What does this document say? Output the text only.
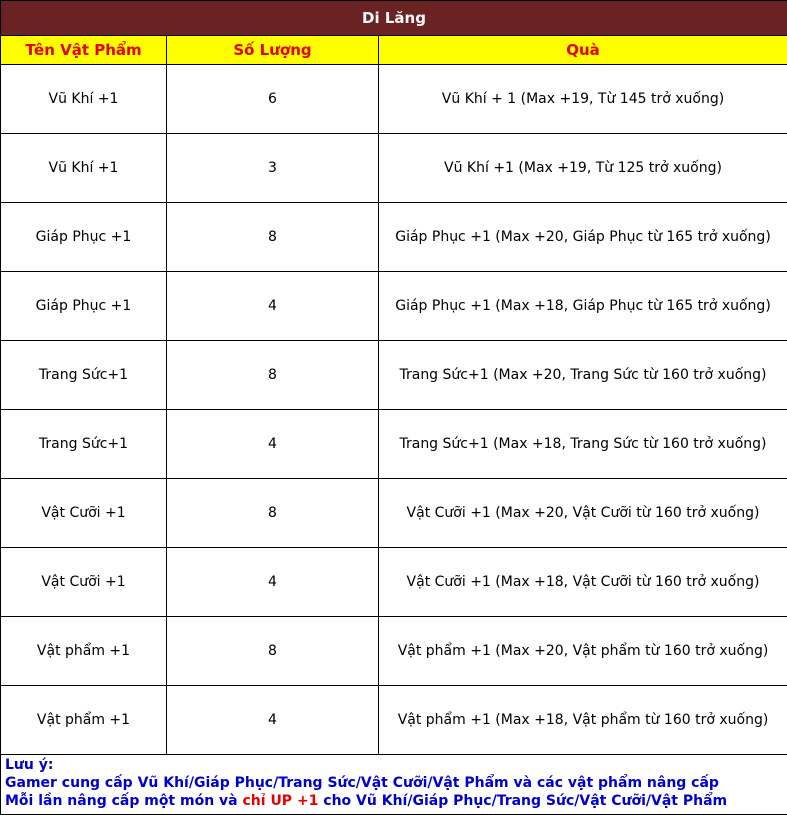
Di Lăng		
Tên Vật Phẩm	Số Lượng	Quà
Vũ Khí +1	6	Vũ Khí + 1 (Max +19, Từ 145 trở xuống)
Vũ Khí +1	3	Vũ Khí +1 (Max +19, Từ 125 trở xuống)
Giáp Phục +1	8	Giáp Phục +1 (Max +20, Giáp Phục từ 165 trở xuống)
Giáp Phục +1	4	Giáp Phục +1 (Max +18, Giáp Phục từ 165 trở xuống)
Trang Sức+1	8	Trang Sức+1 (Max +20, Trang Sức từ 160 trở xuống)
Trang Sức+1	4	Trang Sức+1 (Max +18, Trang Sức từ 160 trở xuống)
Vật Cưỡi +1	8	Vật Cưỡi +1 (Max +20, Vật Cưỡi từ 160 trở xuống)
Vật Cưỡi +1	4	Vật Cưỡi +1 (Max +18, Vật Cưỡi từ 160 trở xuống)
Vật phẩm +1	8	Vật phẩm +1 (Max +20, Vật phẩm từ 160 trở xuống)
Vật phẩm +1	4	Vật phẩm +1 (Max +18, Vật phẩm từ 160 trở xuống)

Lưu ý:
Gamer cung cấp Vũ Khí/Giáp Phục/Trang Sức/Vật Cưỡi/Vật Phẩm và các vật phẩm nâng cấp
Mỗi lần nâng cấp một món và chỉ UP +1 cho Vũ Khí/Giáp Phục/Trang Sức/Vật Cưỡi/Vật Phẩm		
